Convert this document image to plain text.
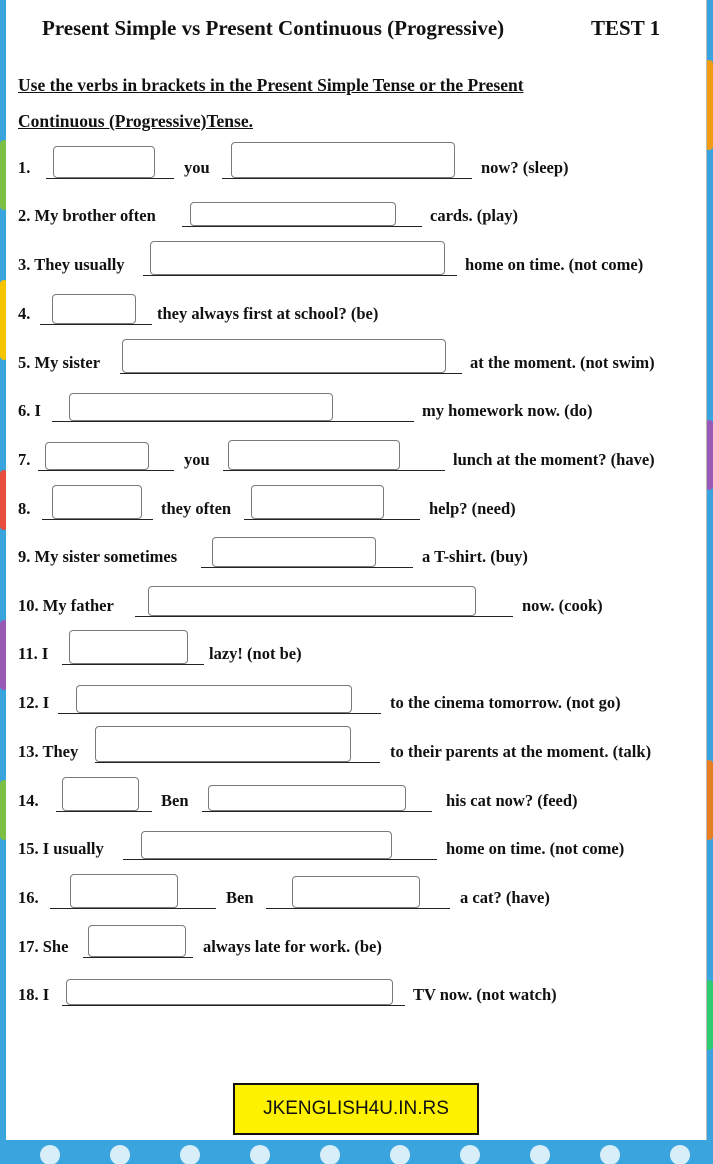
Present Simple vs Present Continuous (Progressive)	TEST 1
Use the verbs in brackets in the Present Simple Tense or the Present
Continuous (Progressive)Tense.
1.	you	now? (sleep)
2. My brother often	cards. (play)
3. They usually	home on time. (not come)
4.	they always first at school? (be)
5. My sister	at the moment. (not swim)
6. I	my homework now. (do)
7.	you	lunch at the moment? (have)
8.	they often	help? (need)
9. My sister sometimes	a T-shirt. (buy)
10. My father	now. (cook)
11. I	lazy! (not be)
12. I	to the cinema tomorrow. (not go)
13. They	to their parents at the moment. (talk)
14.	Ben	his cat now? (feed)
15. I usually	home on time. (not come)
16.	Ben	a cat? (have)
17. She	always late for work. (be)
18. I	TV now. (not watch)
JKENGLISH4U.IN.RS
